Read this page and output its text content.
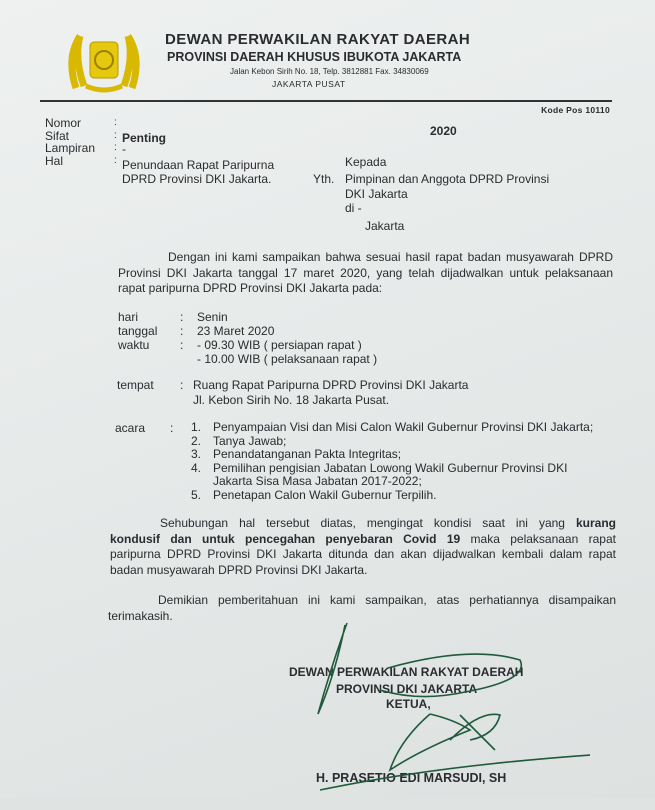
DEWAN PERWAKILAN RAKYAT DAERAH
PROVINSI DAERAH KHUSUS IBUKOTA JAKARTA
Jalan Kebon Sirih No. 18, Telp. 3812881 Fax. 34830069
JAKARTA PUSAT
Kode Pos 10110
Nomor
Sifat
Lampiran
Hal
:
:
:
:
Penting
-
Penundaan Rapat Paripurna
DPRD Provinsi DKI Jakarta.
2020
Kepada
Yth. Pimpinan dan Anggota DPRD Provinsi
DKI Jakarta
di -
Jakarta
Dengan ini kami sampaikan bahwa sesuai hasil rapat badan musyawarah DPRD
Provinsi DKI Jakarta tanggal 17 maret 2020, yang telah dijadwalkan untuk pelaksanaan
rapat paripurna DPRD Provinsi DKI Jakarta pada:
hari
tanggal
waktu
:
:
:
Senin
23 Maret 2020
- 09.30 WIB ( persiapan rapat )
- 10.00 WIB ( pelaksanaan rapat )
tempat : Ruang Rapat Paripurna DPRD Provinsi DKI Jakarta
Jl. Kebon Sirih No. 18 Jakarta Pusat.
acara : 1. Penyampaian Visi dan Misi Calon Wakil Gubernur Provinsi DKI Jakarta;
2. Tanya Jawab;
3. Penandatanganan Pakta Integritas;
4. Pemilihan pengisian Jabatan Lowong Wakil Gubernur Provinsi DKI
Jakarta Sisa Masa Jabatan 2017-2022;
5. Penetapan Calon Wakil Gubernur Terpilih.
Sehubungan hal tersebut diatas, mengingat kondisi saat ini yang kurang
kondusif dan untuk pencegahan penyebaran Covid 19 maka pelaksanaan rapat
paripurna DPRD Provinsi DKI Jakarta ditunda dan akan dijadwalkan kembali dalam rapat
badan musyawarah DPRD Provinsi DKI Jakarta.
Demikian pemberitahuan ini kami sampaikan, atas perhatiannya disampaikan
terimakasih.
DEWAN PERWAKILAN RAKYAT DAERAH
PROVINSI DKI JAKARTA
KETUA,
H. PRASETIO EDI MARSUDI, SH
